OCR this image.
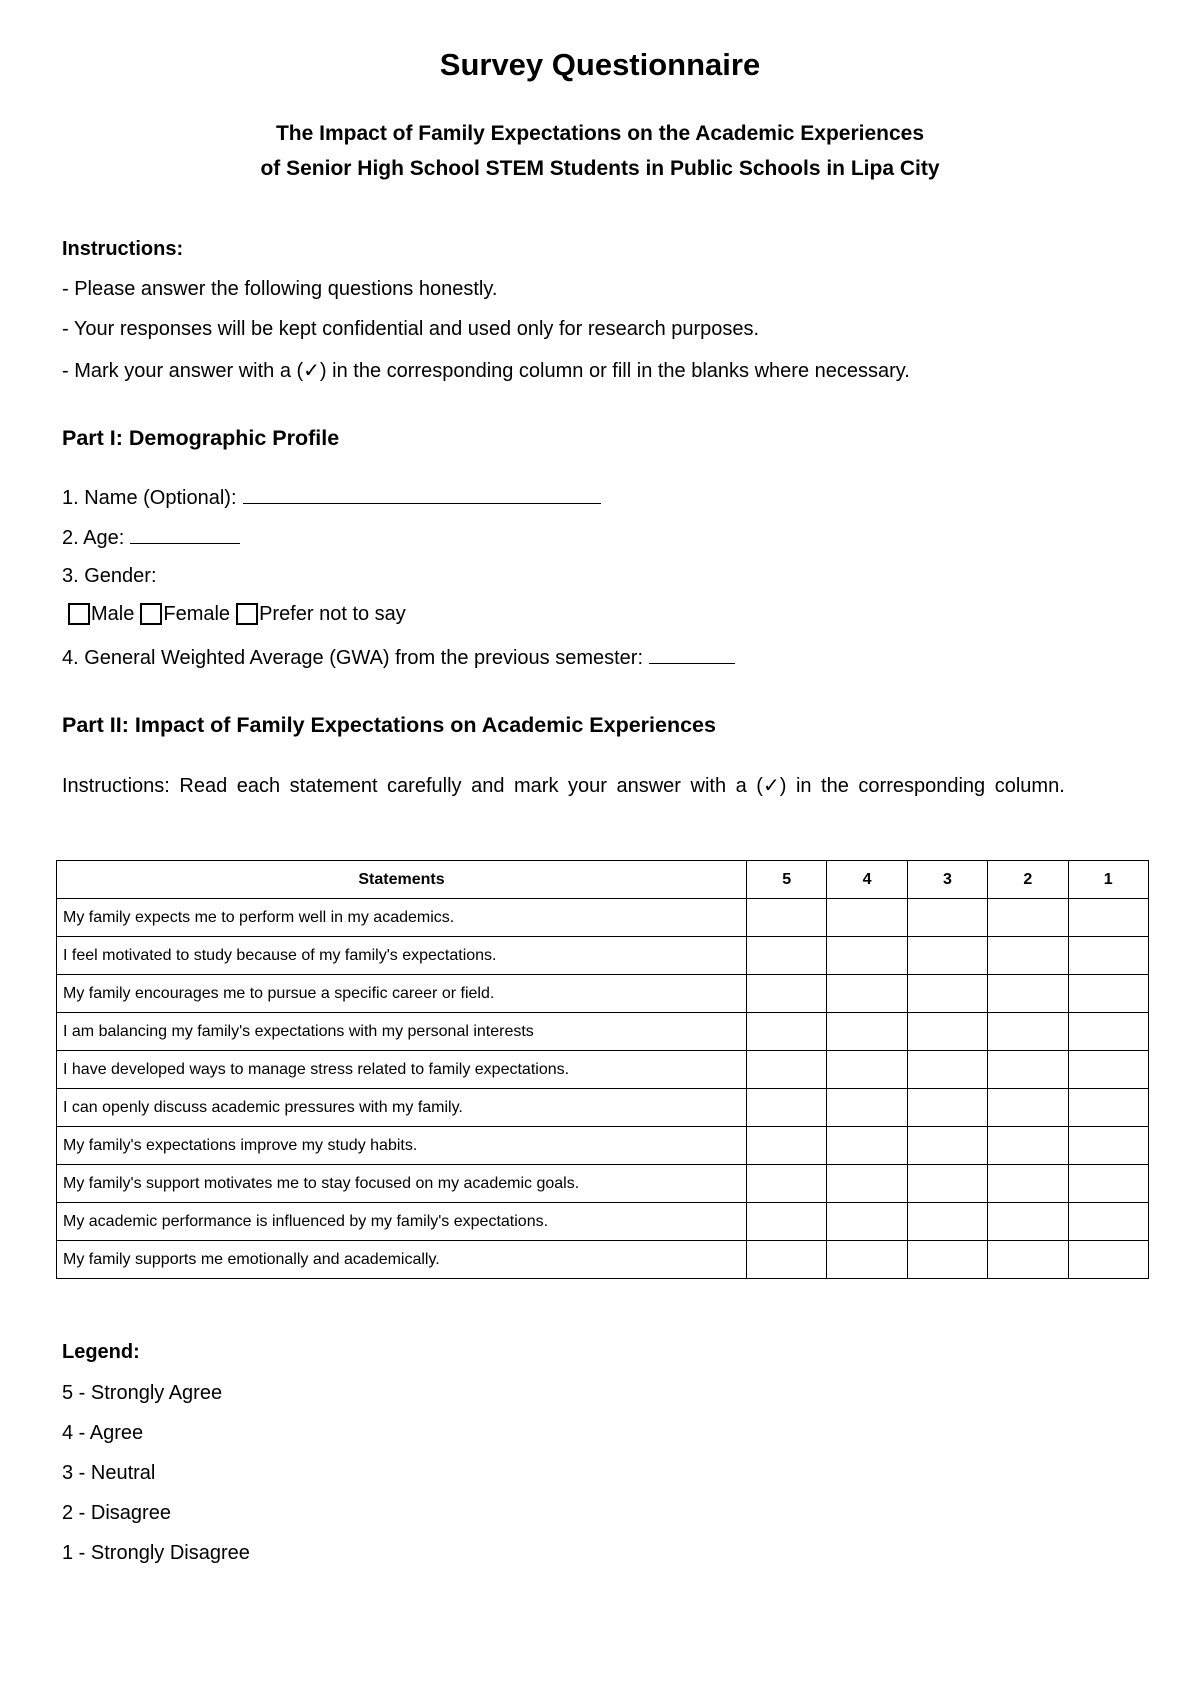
Survey Questionnaire
The Impact of Family Expectations on the Academic Experiences
of Senior High School STEM Students in Public Schools in Lipa City
Instructions:
- Please answer the following questions honestly.
- Your responses will be kept confidential and used only for research purposes.
- Mark your answer with a (✓) in the corresponding column or fill in the blanks where necessary.
Part I: Demographic Profile
1. Name (Optional):
2. Age:
3. Gender:
Male Female Prefer not to say
4. General Weighted Average (GWA) from the previous semester:
Part II: Impact of Family Expectations on Academic Experiences
Instructions: Read each statement carefully and mark your answer with a (✓) in the corresponding column.
Statements	5	4	3	2	1
My family expects me to perform well in my academics.					
I feel motivated to study because of my family's expectations.					
My family encourages me to pursue a specific career or field.					
I am balancing my family's expectations with my personal interests					
I have developed ways to manage stress related to family expectations.					
I can openly discuss academic pressures with my family.					
My family's expectations improve my study habits.					
My family's support motivates me to stay focused on my academic goals.					
My academic performance is influenced by my family's expectations.					
My family supports me emotionally and academically.					
Legend:
5 - Strongly Agree
4 - Agree
3 - Neutral
2 - Disagree
1 - Strongly Disagree
